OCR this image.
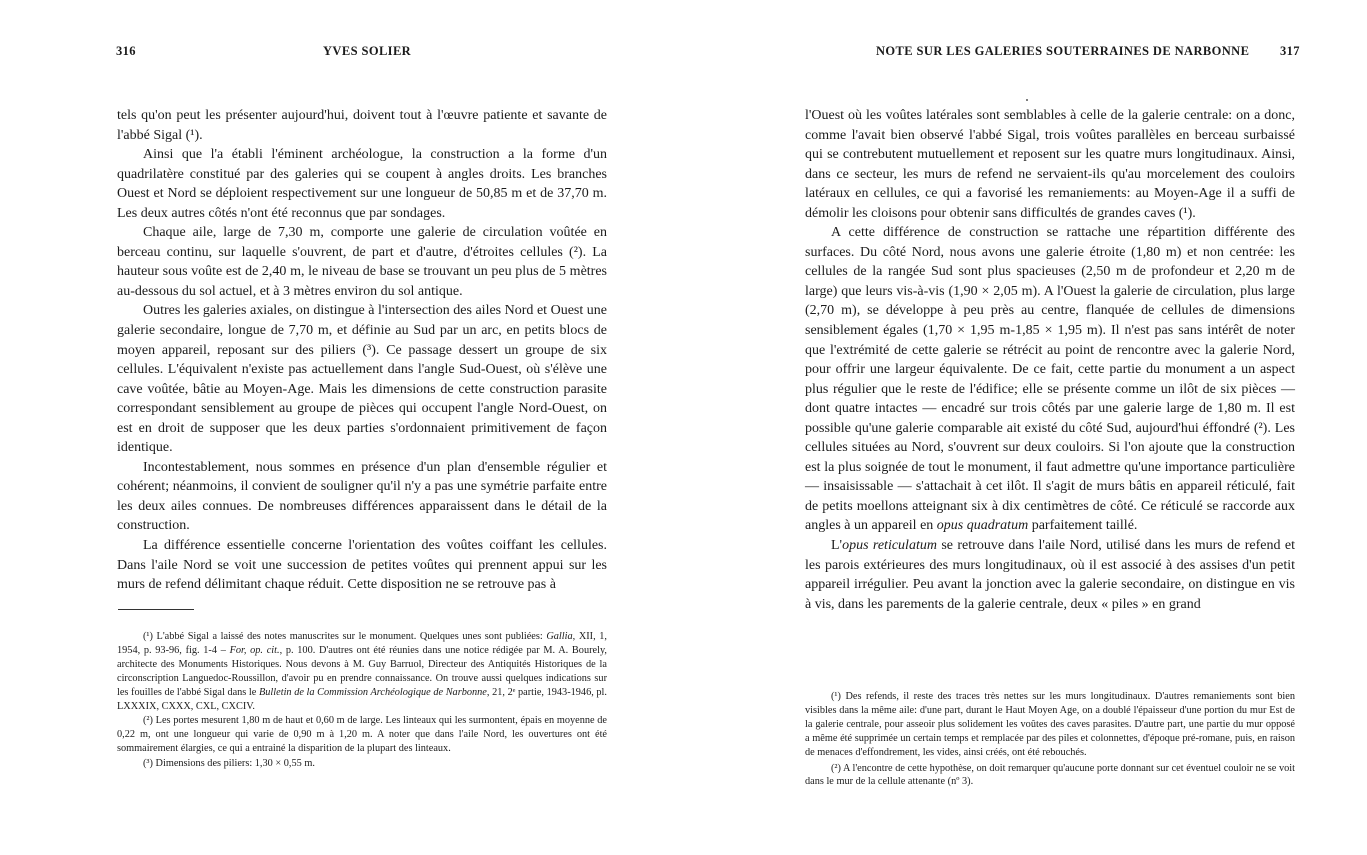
316	YVES SOLIER

tels qu'on peut les présenter aujourd'hui, doivent tout à l'œuvre patiente et savante de l'abbé Sigal (¹).

Ainsi que l'a établi l'éminent archéologue, la construction a la forme d'un quadrilatère constitué par des galeries qui se coupent à angles droits. Les branches Ouest et Nord se déploient respectivement sur une longueur de 50,85 m et de 37,70 m. Les deux autres côtés n'ont été reconnus que par sondages.

Chaque aile, large de 7,30 m, comporte une galerie de circulation voûtée en berceau continu, sur laquelle s'ouvrent, de part et d'autre, d'étroites cellules (²). La hauteur sous voûte est de 2,40 m, le niveau de base se trouvant un peu plus de 5 mètres au-dessous du sol actuel, et à 3 mètres environ du sol antique.

Outres les galeries axiales, on distingue à l'intersection des ailes Nord et Ouest une galerie secondaire, longue de 7,70 m, et définie au Sud par un arc, en petits blocs de moyen appareil, reposant sur des piliers (³). Ce passage dessert un groupe de six cellules. L'équivalent n'existe pas actuellement dans l'angle Sud-Ouest, où s'élève une cave voûtée, bâtie au Moyen-Age. Mais les dimensions de cette construction parasite correspondant sensiblement au groupe de pièces qui occupent l'angle Nord-Ouest, on est en droit de supposer que les deux parties s'ordonnaient primitivement de façon identique.

Incontestablement, nous sommes en présence d'un plan d'ensemble régulier et cohérent; néanmoins, il convient de souligner qu'il n'y a pas une symétrie parfaite entre les deux ailes connues. De nombreuses différences apparaissent dans le détail de la construction.

La différence essentielle concerne l'orientation des voûtes coiffant les cellules. Dans l'aile Nord se voit une succession de petites voûtes qui prennent appui sur les murs de refend délimitant chaque réduit. Cette disposition ne se retrouve pas à

(¹) L'abbé Sigal a laissé des notes manuscrites sur le monument. Quelques unes sont publiées: Gallia, XII, 1, 1954, p. 93-96, fig. 1-4 – For, op. cit., p. 100. D'autres ont été réunies dans une notice rédigée par M. A. Bourely, architecte des Monuments Historiques. Nous devons à M. Guy Barruol, Directeur des Antiquités Historiques de la circonscription Languedoc-Roussillon, d'avoir pu en prendre connaissance. On trouve aussi quelques indications sur les fouilles de l'abbé Sigal dans le Bulletin de la Commission Archéologique de Narbonne, 21, 2ᵉ partie, 1943-1946, pl. LXXXIX, CXXX, CXL, CXCIV.

(²) Les portes mesurent 1,80 m de haut et 0,60 m de large. Les linteaux qui les surmontent, épais en moyenne de 0,22 m, ont une longueur qui varie de 0,90 m à 1,20 m. A noter que dans l'aile Nord, les ouvertures ont été sommairement élargies, ce qui a entrainé la disparition de la plupart des linteaux.

(³) Dimensions des piliers: 1,30 × 0,55 m.

NOTE SUR LES GALERIES SOUTERRAINES DE NARBONNE 317

l'Ouest où les voûtes latérales sont semblables à celle de la galerie centrale: on a donc, comme l'avait bien observé l'abbé Sigal, trois voûtes parallèles en berceau surbaissé qui se contrebutent mutuellement et reposent sur les quatre murs longitudinaux. Ainsi, dans ce secteur, les murs de refend ne servaient-ils qu'au morcelement des couloirs latéraux en cellules, ce qui a favorisé les remaniements: au Moyen-Age il a suffi de démolir les cloisons pour obtenir sans difficultés de grandes caves (¹).

A cette différence de construction se rattache une répartition différente des surfaces. Du côté Nord, nous avons une galerie étroite (1,80 m) et non centrée: les cellules de la rangée Sud sont plus spacieuses (2,50 m de profondeur et 2,20 m de large) que leurs vis-à-vis (1,90 × 2,05 m). A l'Ouest la galerie de circulation, plus large (2,70 m), se développe à peu près au centre, flanquée de cellules de dimensions sensiblement égales (1,70 × 1,95 m-1,85 × 1,95 m). Il n'est pas sans intérêt de noter que l'extrémité de cette galerie se rétrécit au point de rencontre avec la galerie Nord, pour offrir une largeur équivalente. De ce fait, cette partie du monument a un aspect plus régulier que le reste de l'édifice; elle se présente comme un ilôt de six pièces — dont quatre intactes — encadré sur trois côtés par une galerie large de 1,80 m. Il est possible qu'une galerie comparable ait existé du côté Sud, aujourd'hui éffondré (²). Les cellules situées au Nord, s'ouvrent sur deux couloirs. Si l'on ajoute que la construction est la plus soignée de tout le monument, il faut admettre qu'une importance particulière — insaisissable — s'attachait à cet ilôt. Il s'agit de murs bâtis en appareil réticulé, fait de petits moellons atteignant six à dix centimètres de côté. Ce réticulé se raccorde aux angles à un appareil en opus quadratum parfaitement taillé.

L'opus reticulatum se retrouve dans l'aile Nord, utilisé dans les murs de refend et les parois extérieures des murs longitudinaux, où il est associé à des assises d'un petit appareil irrégulier. Peu avant la jonction avec la galerie secondaire, on distingue en vis à vis, dans les parements de la galerie centrale, deux « piles » en grand

(¹) Des refends, il reste des traces très nettes sur les murs longitudinaux. D'autres remaniements sont bien visibles dans la même aile: d'une part, durant le Haut Moyen Age, on a doublé l'épaisseur d'une portion du mur Est de la galerie centrale, pour asseoir plus solidement les voûtes des caves parasites. D'autre part, une partie du mur opposé a même été supprimée un certain temps et remplacée par des piles et colonnettes, d'époque pré-romane, puis, en raison de menaces d'effondrement, les vides, ainsi créés, ont été rebouchés.

(²) A l'encontre de cette hypothèse, on doit remarquer qu'aucune porte donnant sur cet éventuel couloir ne se voit dans le mur de la cellule attenante (nº 3).
